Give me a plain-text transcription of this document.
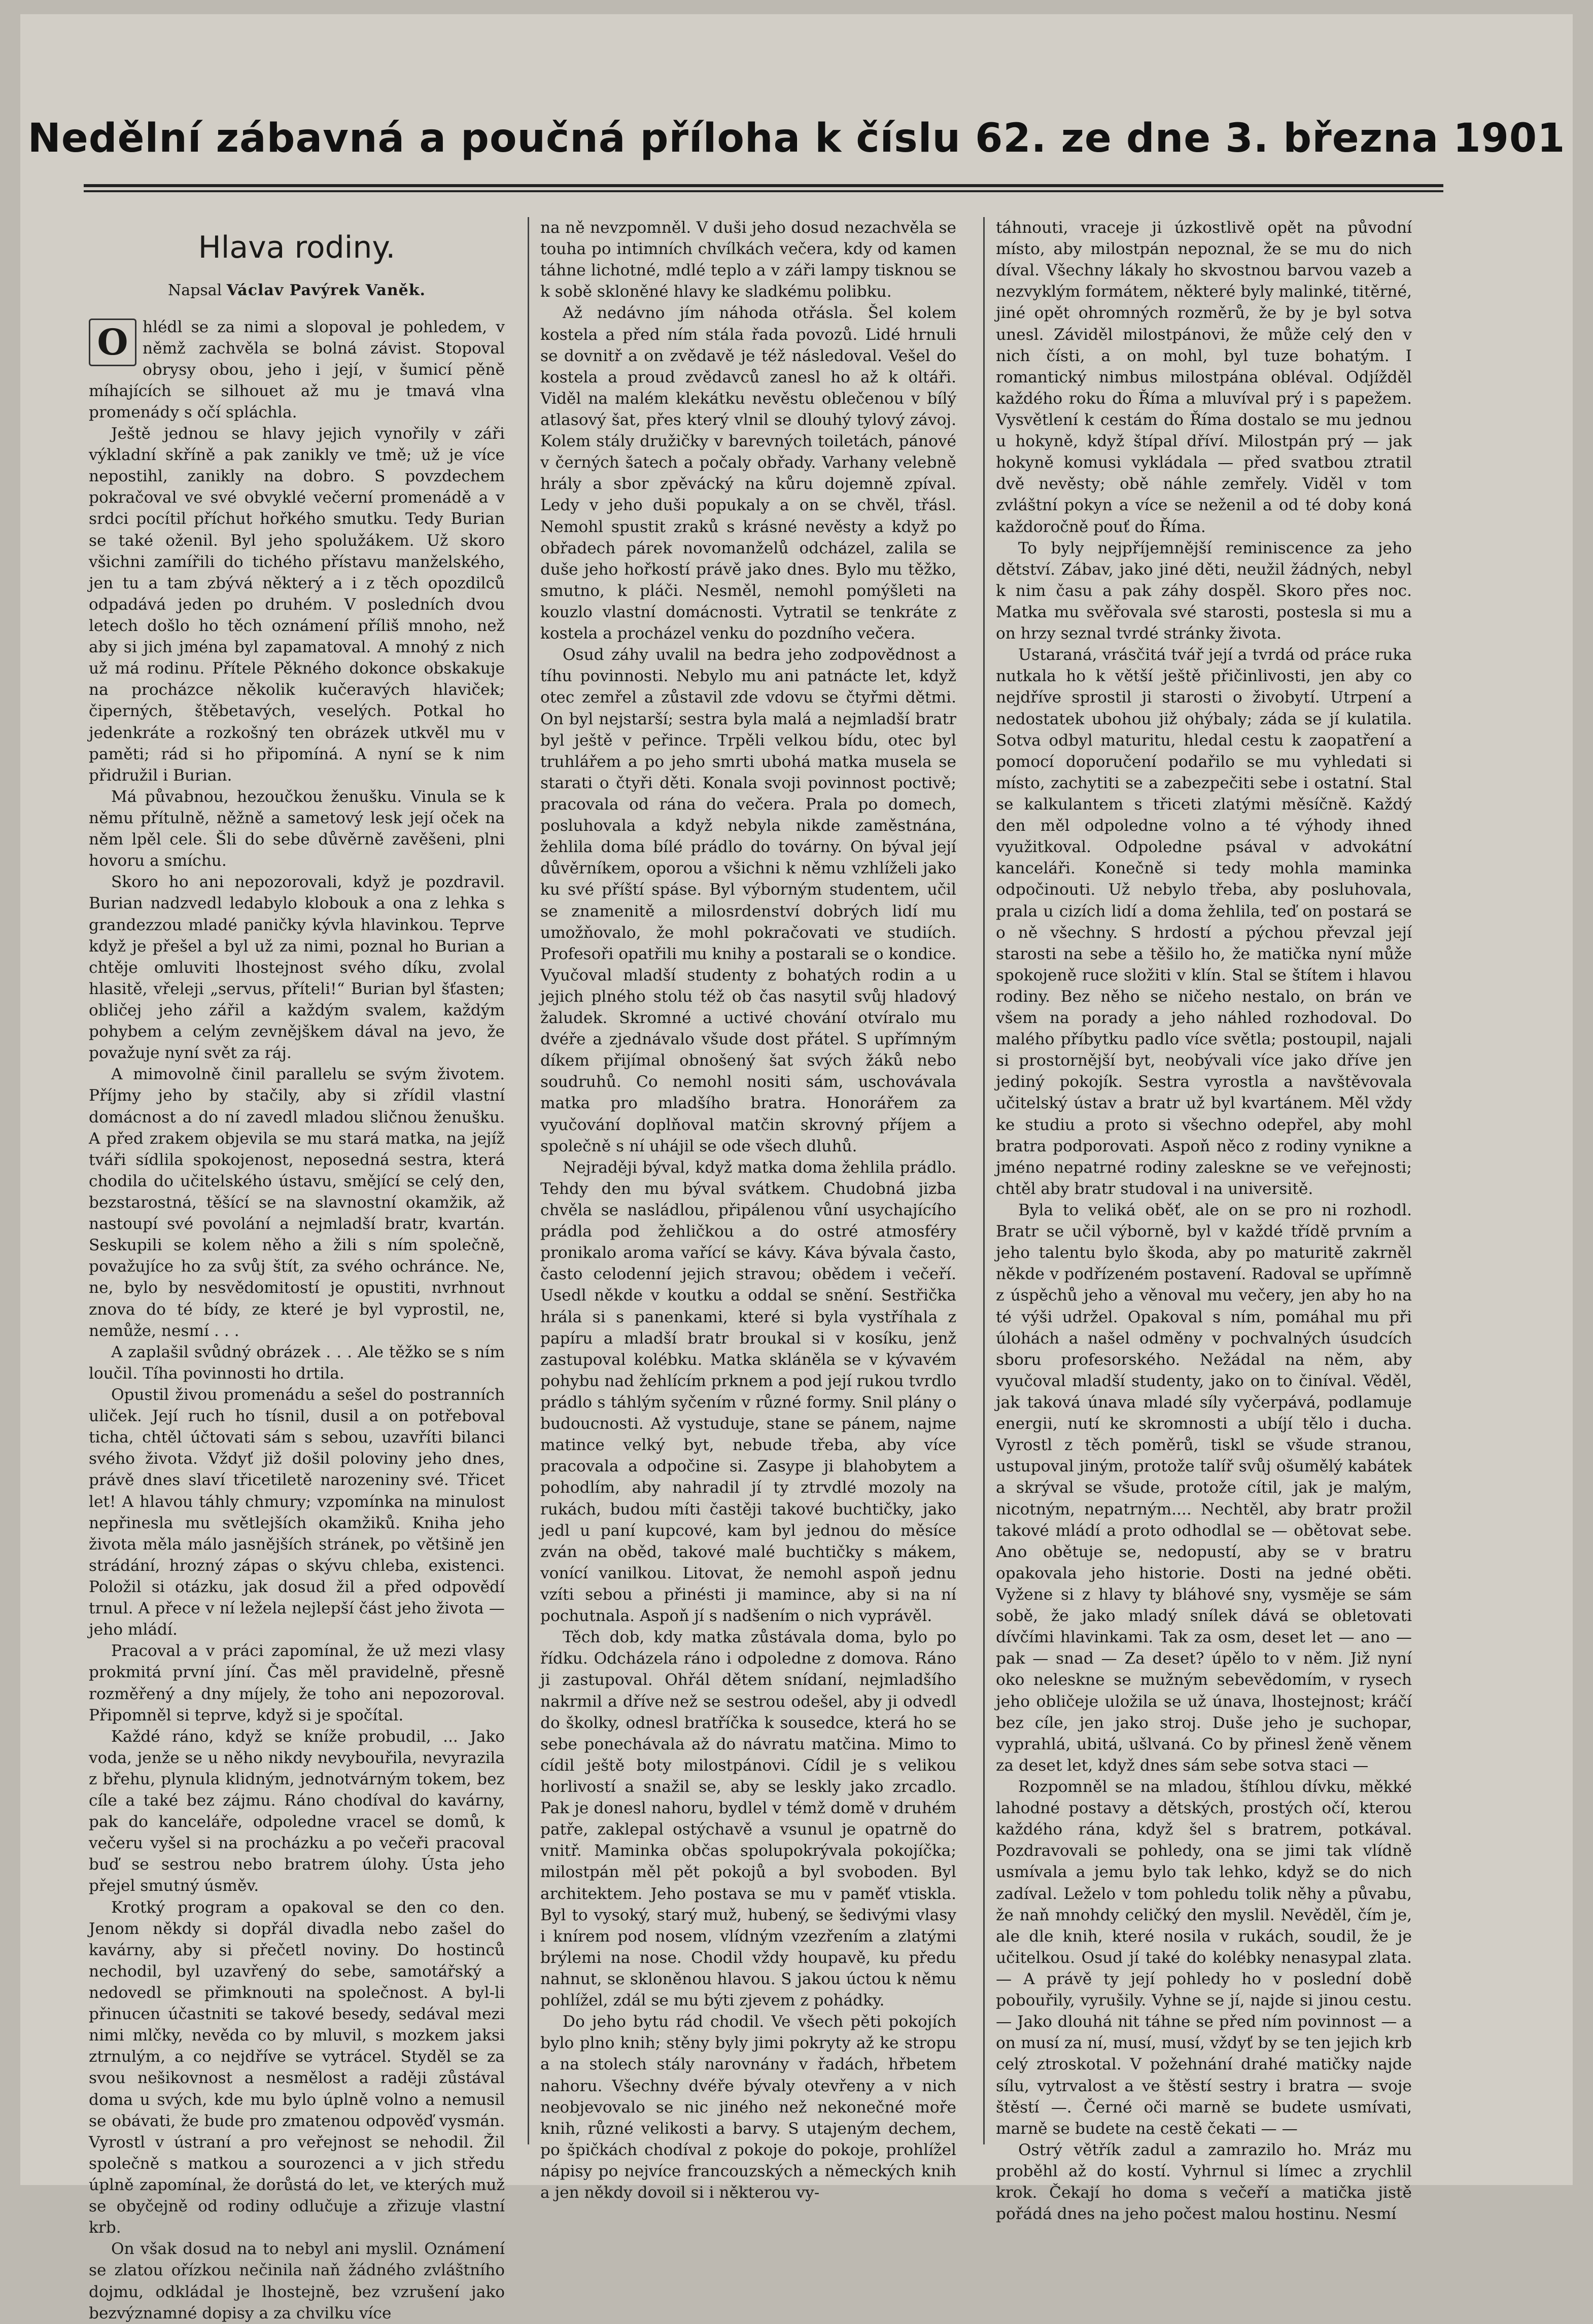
Nedělní zábavná a poučná příloha k číslu 62. ze dne 3. března 1901
Hlava rodiny.
Napsal Václav Pavýrek Vaněk.
O hlédl se za nimi a slopoval je pohledem, v němž zachvěla se bolná závist. Stopoval obrysy obou, jeho i její, v šumicí pěně míhajících se silhouet až mu je tmavá vlna promenády s očí spláchla.

Ještě jednou se hlavy jejich vynořily v záři výkladní skříně a pak zanikly ve tmě; už je více nepostihl, zanikly na dobro. S povzdechem pokračoval ve své obvyklé večerní promenádě a v srdci pocítil příchut hořkého smutku. Tedy Burian se také oženil. Byl jeho spolužákem. Už skoro všichni zamířili do tichého přístavu manželského, jen tu a tam zbývá některý a i z těch opozdilců odpadává jeden po druhém. V posledních dvou letech došlo ho těch oznámení příliš mnoho, než aby si jich jména byl zapamatoval. A mnohý z nich už má rodinu. Přítele Pěkného dokonce obskakuje na procházce několik kučeravých hlaviček; čiperných, štěbetavých, veselých. Potkal ho jedenkráte a rozkošný ten obrázek utkvěl mu v paměti; rád si ho připomíná. A nyní se k nim přidružil i Burian.

Má půvabnou, hezoučkou ženušku. Vinula se k němu přítulně, něžně a sametový lesk její oček na něm lpěl cele. Šli do sebe důvěrně zavěšeni, plni hovoru a smíchu.

Skoro ho ani nepozorovali, když je pozdravil. Burian nadzvedl ledabylo klobouk a ona z lehka s grandezzou mladé paničky kývla hlavinkou. Teprve když je přešel a byl už za nimi, poznal ho Burian a chtěje omluviti lhostejnost svého díku, zvolal hlasitě, vřeleji „servus, příteli!“ Burian byl šťasten; obličej jeho zářil a každým svalem, každým pohybem a celým zevnějškem dával na jevo, že považuje nyní svět za ráj.

A mimovolně činil parallelu se svým životem. Příjmy jeho by stačily, aby si zřídil vlastní domácnost a do ní zavedl mladou sličnou ženušku. A před zrakem objevila se mu stará matka, na jejíž tváři sídlila spokojenost, neposedná sestra, která chodila do učitelského ústavu, smějící se celý den, bezstarostná, těšící se na slavnostní okamžik, až nastoupí své povolání a nejmladší bratr, kvartán. Seskupili se kolem něho a žili s ním společně, považujíce ho za svůj štít, za svého ochránce. Ne, ne, bylo by nesvědomitostí je opustiti, nvrhnout znova do té bídy, ze které je byl vyprostil, ne, nemůže, nesmí . . .

A zaplašil svůdný obrázek . . . Ale těžko se s ním loučil. Tíha povinnosti ho drtila.

Opustil živou promenádu a sešel do postranních uliček. Její ruch ho tísnil, dusil a on potřeboval ticha, chtěl účtovati sám s sebou, uzavříti bilanci svého života. Vždyť již došil poloviny jeho dnes, právě dnes slaví třicetiletě narozeniny své. Třicet let! A hlavou táhly chmury; vzpomínka na minulost nepřinesla mu světlejších okamžiků. Kniha jeho života měla málo jasnějších stránek, po většině jen strádání, hrozný zápas o skývu chleba, existenci. Položil si otázku, jak dosud žil a před odpovědí trnul. A přece v ní ležela nejlepší část jeho života — jeho mládí.

Pracoval a v práci zapomínal, že už mezi vlasy prokmitá první jíní. Čas měl pravidelně, přesně rozměřený a dny míjely, že toho ani nepozoroval. Připomněl si teprve, když si je spočítal.

Každé ráno, když se kníže probudil, ... Jako voda, jenže se u něho nikdy nevybouřila, nevyrazila z břehu, plynula klidným, jednotvárným tokem, bez cíle a také bez zájmu. Ráno chodíval do kavárny, pak do kanceláře, odpoledne vracel se domů, k večeru vyšel si na procházku a po večeři pracoval buď se sestrou nebo bratrem úlohy. Ústa jeho přejel smutný úsměv.

Krotký program a opakoval se den co den. Jenom někdy si dopřál divadla nebo zašel do kavárny, aby si přečetl noviny. Do hostinců nechodil, byl uzavřený do sebe, samotářský a nedovedl se přimknouti na společnost. A byl-li přinucen účastniti se takové besedy, sedával mezi nimi mlčky, nevěda co by mluvil, s mozkem jaksi ztrnulým, a co nejdříve se vytrácel. Styděl se za svou nešikovnost a nesmělost a raději zůstával doma u svých, kde mu bylo úplně volno a nemusil se obávati, že bude pro zmatenou odpověď vysmán. Vyrostl v ústraní a pro veřejnost se nehodil. Žil společně s matkou a sourozenci a v jich středu úplně zapomínal, že dorůstá do let, ve kterých muž se obyčejně od rodiny odlučuje a zřizuje vlastní krb.

On však dosud na to nebyl ani myslil. Oznámení se zlatou ořízkou nečinila naň žádného zvláštního dojmu, odkládal je lhostejně, bez vzrušení jako bezvýznamné dopisy a za chvilku více

na ně nevzpomněl. V duši jeho dosud nezachvěla se touha po intimních chvílkách večera, kdy od kamen táhne lichotné, mdlé teplo a v záři lampy tisknou se k sobě skloněné hlavy ke sladkému polibku.

Až nedávno jím náhoda otřásla. Šel kolem kostela a před ním stála řada povozů. Lidé hrnuli se dovnitř a on zvědavě je též následoval. Vešel do kostela a proud zvědavců zanesl ho až k oltáři. Viděl na malém klekátku nevěstu oblečenou v bílý atlasový šat, přes který vlnil se dlouhý tylový závoj. Kolem stály družičky v barevných toiletách, pánové v černých šatech a počaly obřady. Varhany velebně hrály a sbor zpěvácký na kůru dojemně zpíval. Ledy v jeho duši popukaly a on se chvěl, třásl. Nemohl spustit zraků s krásné nevěsty a když po obřadech párek novomanželů odcházel, zalila se duše jeho hořkostí právě jako dnes. Bylo mu těžko, smutno, k pláči. Nesměl, nemohl pomýšleti na kouzlo vlastní domácnosti. Vytratil se tenkráte z kostela a procházel venku do pozdního večera.

Osud záhy uvalil na bedra jeho zodpovědnost a tíhu povinnosti. Nebylo mu ani patnácte let, když otec zemřel a zůstavil zde vdovu se čtyřmi dětmi. On byl nejstarší; sestra byla malá a nejmladší bratr byl ještě v peřince. Trpěli velkou bídu, otec byl truhlářem a po jeho smrti ubohá matka musela se starati o čtyři děti. Konala svoji povinnost poctivě; pracovala od rána do večera. Prala po domech, posluhovala a když nebyla nikde zaměstnána, žehlila doma bílé prádlo do továrny. On býval její důvěrníkem, oporou a všichni k němu vzhlíželi jako ku své příští spáse. Byl výborným studentem, učil se znamenitě a milosrdenství dobrých lidí mu umožňovalo, že mohl pokračovati ve studiích. Profesoři opatřili mu knihy a postarali se o kondice. Vyučoval mladší studenty z bohatých rodin a u jejich plného stolu též ob čas nasytil svůj hladový žaludek. Skromné a uctivé chování otvíralo mu dvéře a zjednávalo všude dost přátel. S upřímným díkem přijímal obnošený šat svých žáků nebo soudruhů. Co nemohl nositi sám, uschovávala matka pro mladšího bratra. Honorářem za vyučování doplňoval matčin skrovný příjem a společně s ní uhájil se ode všech dluhů.

Nejraději býval, když matka doma žehlila prádlo. Tehdy den mu býval svátkem. Chudobná jizba chvěla se nasládlou, připálenou vůní usychajícího prádla pod žehličkou a do ostré atmosféry pronikalo aroma vařící se kávy. Káva bývala často, často celodenní jejich stravou; obědem i večeří. Usedl někde v koutku a oddal se snění. Sestřička hrála si s panenkami, které si byla vystříhala z papíru a mladší bratr broukal si v kosíku, jenž zastupoval kolébku. Matka skláněla se v kývavém pohybu nad žehlícím prknem a pod její rukou tvrdlo prádlo s táhlým syčením v různé formy. Snil plány o budoucnosti. Až vystuduje, stane se pánem, najme matince velký byt, nebude třeba, aby více pracovala a odpočine si. Zasype ji blahobytem a pohodlím, aby nahradil jí ty ztrvdlé mozoly na rukách, budou míti častěji takové buchtičky, jako jedl u paní kupcové, kam byl jednou do měsíce zván na oběd, takové malé buchtičky s mákem, vonící vanilkou. Litovat, že nemohl aspoň jednu vzíti sebou a přinésti ji mamince, aby si na ní pochutnala. Aspoň jí s nadšením o nich vyprávěl.

Těch dob, kdy matka zůstávala doma, bylo po řídku. Odcházela ráno i odpoledne z domova. Ráno ji zastupoval. Ohřál dětem snídaní, nejmladšího nakrmil a dříve než se sestrou odešel, aby ji odvedl do školky, odnesl bratříčka k sousedce, která ho se sebe ponechávala až do návratu matčina. Mimo to cídil ještě boty milostpánovi. Cídil je s velikou horlivostí a snažil se, aby se leskly jako zrcadlo. Pak je donesl nahoru, bydlel v témž domě v druhém patře, zaklepal ostýchavě a vsunul je opatrně do vnitř. Maminka občas spolupokrývala pokojíčka; milostpán měl pět pokojů a byl svoboden. Byl architektem. Jeho postava se mu v paměť vtiskla. Byl to vysoký, starý muž, hubený, se šedivými vlasy i knírem pod nosem, vlídným vzezřením a zlatými brýlemi na nose. Chodil vždy houpavě, ku předu nahnut, se skloněnou hlavou. S jakou úctou k němu pohlížel, zdál se mu býti zjevem z pohádky.

Do jeho bytu rád chodil. Ve všech pěti pokojích bylo plno knih; stěny byly jimi pokryty až ke stropu a na stolech stály narovnány v řadách, hřbetem nahoru. Všechny dvéře bývaly otevřeny a v nich neobjevovalo se nic jiného než nekonečné moře knih, různé velikosti a barvy. S utajeným dechem, po špičkách chodíval z pokoje do pokoje, prohlížel nápisy po nejvíce francouzských a německých knih a jen někdy dovoil si i některou vy-

táhnouti, vraceje ji úzkostlivě opět na původní místo, aby milostpán nepoznal, že se mu do nich díval. Všechny lákaly ho skvostnou barvou vazeb a nezvyklým formátem, některé byly malinké, titěrné, jiné opět ohromných rozměrů, že by je byl sotva unesl. Záviděl milostpánovi, že může celý den v nich čísti, a on mohl, byl tuze bohatým. I romantický nimbus milostpána obléval. Odjížděl každého roku do Říma a mluvíval prý i s papežem. Vysvětlení k cestám do Říma dostalo se mu jednou u hokyně, když štípal dříví. Milostpán prý — jak hokyně komusi vykládala — před svatbou ztratil dvě nevěsty; obě náhle zemřely. Viděl v tom zvláštní pokyn a více se neženil a od té doby koná každoročně pouť do Říma.

To byly nejpříjemnější reminiscence za jeho dětství. Zábav, jako jiné děti, neužil žádných, nebyl k nim času a pak záhy dospěl. Skoro přes noc. Matka mu svěřovala své starosti, postesla si mu a on hrzy seznal tvrdé stránky života.

Ustaraná, vrásčitá tvář její a tvrdá od práce ruka nutkala ho k větší ještě přičinlivosti, jen aby co nejdříve sprostil ji starosti o živobytí. Utrpení a nedostatek ubohou již ohýbaly; záda se jí kulatila. Sotva odbyl maturitu, hledal cestu k zaopatření a pomocí doporučení podařilo se mu vyhledati si místo, zachytiti se a zabezpečiti sebe i ostatní. Stal se kalkulantem s třiceti zlatými měsíčně. Každý den měl odpoledne volno a té výhody ihned využitkoval. Odpoledne psával v advokátní kanceláři. Konečně si tedy mohla maminka odpočinouti. Už nebylo třeba, aby posluhovala, prala u cizích lidí a doma žehlila, teď on postará se o ně všechny. S hrdostí a pýchou převzal její starosti na sebe a těšilo ho, že matička nyní může spokojeně ruce složiti v klín. Stal se štítem i hlavou rodiny. Bez něho se ničeho nestalo, on brán ve všem na porady a jeho náhled rozhodoval. Do malého příbytku padlo více světla; postoupil, najali si prostornější byt, neobývali více jako dříve jen jediný pokojík. Sestra vyrostla a navštěvovala učitelský ústav a bratr už byl kvartánem. Měl vždy ke studiu a proto si všechno odepřel, aby mohl bratra podporovati. Aspoň něco z rodiny vynikne a jméno nepatrné rodiny zaleskne se ve veřejnosti; chtěl aby bratr studoval i na universitě.

Byla to veliká oběť, ale on se pro ni rozhodl. Bratr se učil výborně, byl v každé třídě prvním a jeho talentu bylo škoda, aby po maturitě zakrněl někde v podřízeném postavení. Radoval se upřímně z úspěchů jeho a věnoval mu večery, jen aby ho na té výši udržel. Opakoval s ním, pomáhal mu při úlohách a našel odměny v pochvalných úsudcích sboru profesorského. Nežádal na něm, aby vyučoval mladší studenty, jako on to činíval. Věděl, jak taková únava mladé síly vyčerpává, podlamuje energii, nutí ke skromnosti a ubíjí tělo i ducha. Vyrostl z těch poměrů, tiskl se všude stranou, ustupoval jiným, protože talíř svůj ošumělý kabátek a skrýval se všude, protože cítil, jak je malým, nicotným, nepatrným.... Nechtěl, aby bratr prožil takové mládí a proto odhodlal se — obětovat sebe. Ano obětuje se, nedopustí, aby se v bratru opakovala jeho historie. Dosti na jedné oběti. Vyžene si z hlavy ty bláhové sny, vysměje se sám sobě, že jako mladý snílek dává se obletovati dívčími hlavinkami. Tak za osm, deset let — ano — pak — snad — Za deset? úpělo to v něm. Již nyní oko neleskne se mužným sebevědomím, v rysech jeho obličeje uložila se už únava, lhostejnost; kráčí bez cíle, jen jako stroj. Duše jeho je suchopar, vyprahlá, ubitá, ušlvaná. Co by přinesl ženě věnem za deset let, když dnes sám sebe sotva staci —

Rozpomněl se na mladou, štíhlou dívku, měkké lahodné postavy a dětských, prostých očí, kterou každého rána, když šel s bratrem, potkával. Pozdravovali se pohledy, ona se jimi tak vlídně usmívala a jemu bylo tak lehko, když se do nich zadíval. Leželo v tom pohledu tolik něhy a půvabu, že naň mnohdy celičký den myslil. Nevěděl, čím je, ale dle knih, které nosila v rukách, soudil, že je učitelkou. Osud jí také do kolébky nenasypal zlata. — A právě ty její pohledy ho v poslední době pobouřily, vyrušily. Vyhne se jí, najde si jinou cestu. — Jako dlouhá nit táhne se před ním povinnost — a on musí za ní, musí, musí, vždyť by se ten jejich krb celý ztroskotal. V požehnání drahé matičky najde sílu, vytrvalost a ve štěstí sestry i bratra — svoje štěstí —. Černé oči marně se budete usmívati, marně se budete na cestě čekati — —

Ostrý větřík zadul a zamrazilo ho. Mráz mu proběhl až do kostí. Vyhrnul si límec a zrychlil krok. Čekají ho doma s večeří a matička jistě pořádá dnes na jeho počest malou hostinu. Nesmí
